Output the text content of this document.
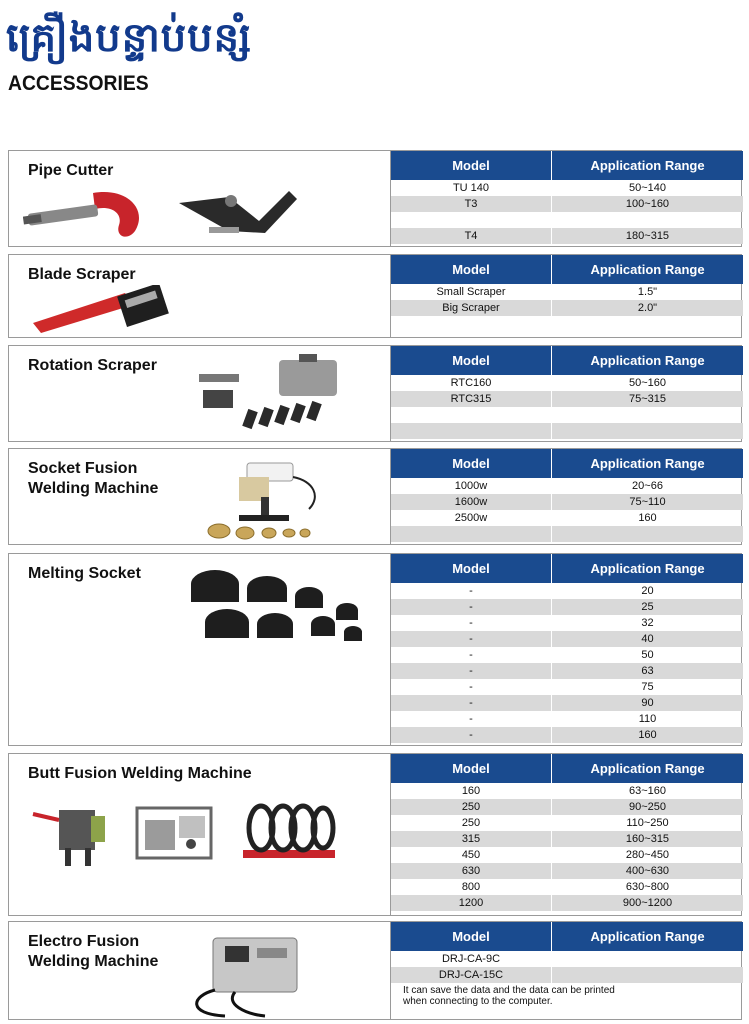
គ្រឿងបន្ទាប់បន្សំ
ACCESSORIES
Pipe Cutter	Model	Application Range
TU 140	50~140
T3	100~160
T4	180~315
Blade Scraper	Model	Application Range
Small Scraper	1.5"
Big Scraper	2.0"
Rotation Scraper	Model	Application Range
RTC160	50~160
RTC315	75~315
Socket Fusion
Welding Machine
Model	Application Range
1000w	20~66
1600w	75~110
2500w	160
Melting Socket	Model	Application Range
-	20
-	25
-	32
-	40
-	50
-	63
-	75
-	90
-	110
-	160
Butt Fusion Welding Machine	Model	Application Range
160	63~160
250	90~250
250	110~250
315	160~315
450	280~450
630	400~630
800	630~800
1200	900~1200
Electro Fusion
Welding Machine
Model	Application Range
DRJ-CA-9C
DRJ-CA-15C
It can save the data and the data can be printed
when connecting to the computer.
